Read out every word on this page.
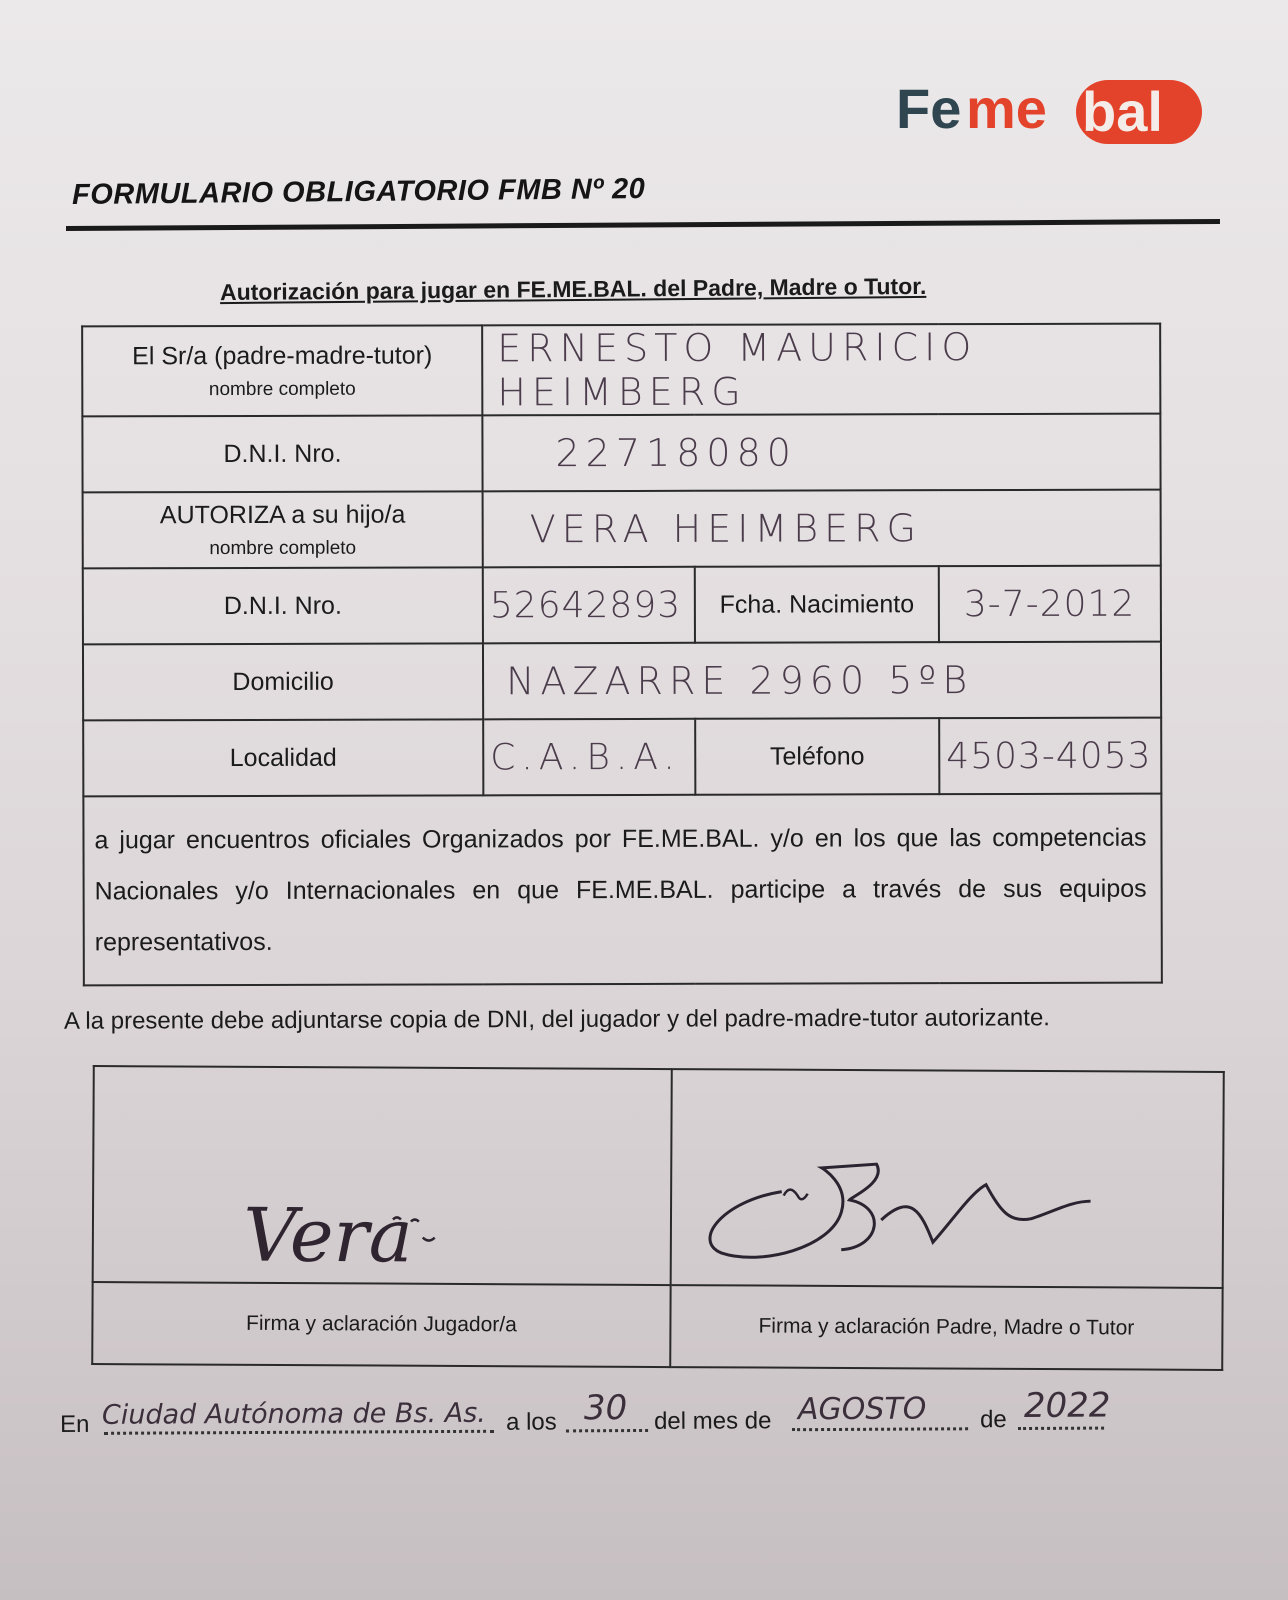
Fe me bal
FORMULARIO OBLIGATORIO FMB Nº 20
Autorización para jugar en FE.ME.BAL. del Padre, Madre o Tutor.
El Sr/a (padre-madre-tutor)
nombre completo	ERNESTO MAURICIO HEIMBERG		
D.N.I. Nro.	22718080		
AUTORIZA a su hijo/a
nombre completo	VERA HEIMBERG		
D.N.I. Nro.	52642893	Fcha. Nacimiento	3-7-2012
Domicilio	NAZARRE 2960 5ºB		
Localidad	C.A.B.A.	Teléfono	4503-4053
a jugar encuentros oficiales Organizados por FE.ME.BAL. y/o en los que las competencias Nacionales y/o Internacionales en que FE.ME.BAL. participe a través de sus equipos representativos.			
A la presente debe adjuntarse copia de DNI, del jugador y del padre-madre-tutor autorizante.
Vera

Firma y aclaración Jugador/a	Firma y aclaración Padre, Madre o Tutor
En Ciudad Autónoma de Bs. As. a los 30 del mes de AGOSTO de 2022
